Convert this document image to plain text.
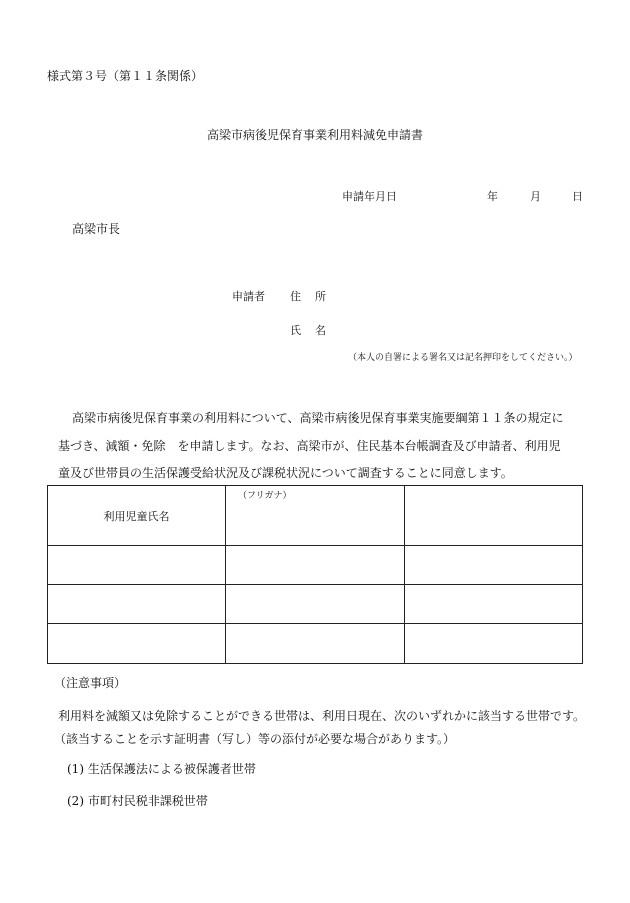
様式第３号（第１１条関係）
高梁市病後児保育事業利用料減免申請書
申請年月日	年	月	日
高梁市長
申請者 住所
氏名
（本人の自署による署名又は記名押印をしてください。）
高梁市病後児保育事業の利用料について、高梁市病後児保育事業実施要綱第１１条の規定に
基づき、減額・免除　を申請します。なお、高梁市が、住民基本台帳調査及び申請者、利用児
童及び世帯員の生活保護受給状況及び課税状況について調査することに同意します。
利用児童氏名	（フリガナ）	

（注意事項）
利用料を減額又は免除することができる世帯は、利用日現在、次のいずれかに該当する世帯です。
（該当することを示す証明書（写し）等の添付が必要な場合があります。）
(1) 生活保護法による被保護者世帯
(2) 市町村民税非課税世帯
